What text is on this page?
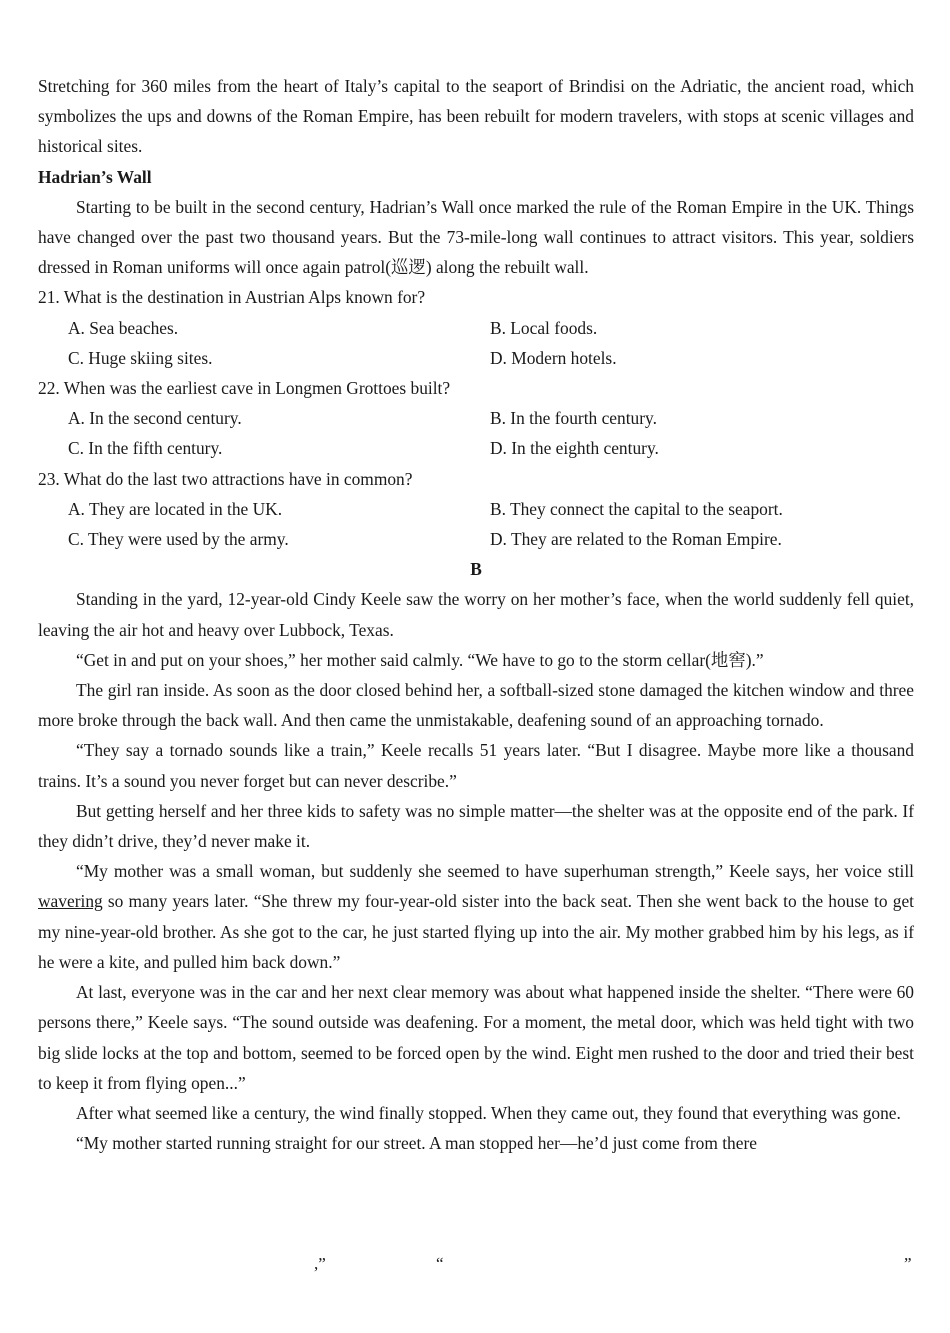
Stretching for 360 miles from the heart of Italy’s capital to the seaport of Brindisi on the Adriatic, the ancient road, which symbolizes the ups and downs of the Roman Empire, has been rebuilt for modern travelers, with stops at scenic villages and historical sites.

Hadrian’s Wall

Starting to be built in the second century, Hadrian’s Wall once marked the rule of the Roman Empire in the UK. Things have changed over the past two thousand years. But the 73-mile-long wall continues to attract visitors. This year, soldiers dressed in Roman uniforms will once again patrol(巡逻) along the rebuilt wall.

21. What is the destination in Austrian Alps known for?

A. Sea beaches.	B. Local foods.

C. Huge skiing sites.	D. Modern hotels.

22. When was the earliest cave in Longmen Grottoes built?

A. In the second century.	B. In the fourth century.

C. In the fifth century.	D. In the eighth century.

23. What do the last two attractions have in common?

A. They are located in the UK.	B. They connect the capital to the seaport.

C. They were used by the army.	D. They are related to the Roman Empire.

B

Standing in the yard, 12-year-old Cindy Keele saw the worry on her mother’s face, when the world suddenly fell quiet, leaving the air hot and heavy over Lubbock, Texas.

“Get in and put on your shoes,” her mother said calmly. “We have to go to the storm cellar(地窖).”

The girl ran inside. As soon as the door closed behind her, a softball-sized stone damaged the kitchen window and three more broke through the back wall. And then came the unmistakable, deafening sound of an approaching tornado.

“They say a tornado sounds like a train,” Keele recalls 51 years later. “But I disagree. Maybe more like a thousand trains. It’s a sound you never forget but can never describe.”

But getting herself and her three kids to safety was no simple matter—the shelter was at the opposite end of the park. If they didn’t drive, they’d never make it.

“My mother was a small woman, but suddenly she seemed to have superhuman strength,” Keele says, her voice still wavering so many years later. “She threw my four-year-old sister into the back seat. Then she went back to the house to get my nine-year-old brother. As she got to the car, he just started flying up into the air. My mother grabbed him by his legs, as if he were a kite, and pulled him back down.”

At last, everyone was in the car and her next clear memory was about what happened inside the shelter. “There were 60 persons there,” Keele says. “The sound outside was deafening. For a moment, the metal door, which was held tight with two big slide locks at the top and bottom, seemed to be forced open by the wind. Eight men rushed to the door and tried their best to keep it from flying open...”

After what seemed like a century, the wind finally stopped. When they came out, they found that everything was gone.

“My mother started running straight for our street. A man stopped her—he’d just come from there

,”	“	”
